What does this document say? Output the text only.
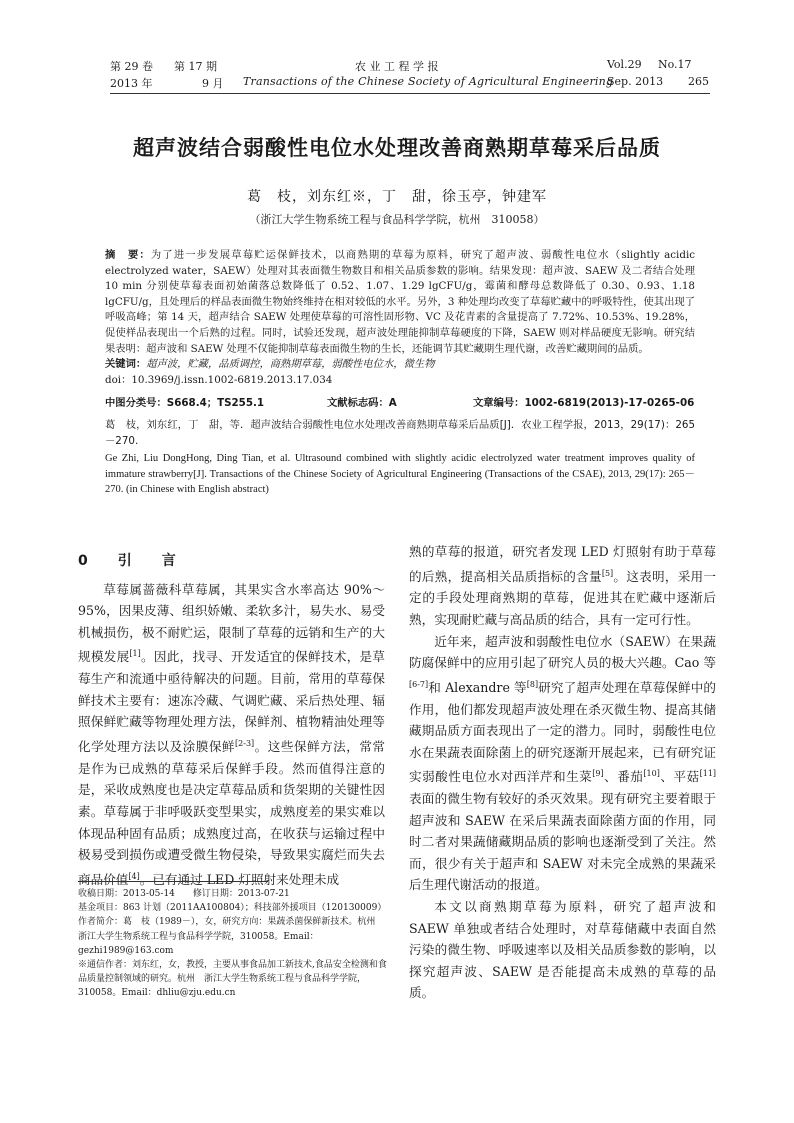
第 29 卷 第 17 期	农 业 工 程 学 报	Vol.29 No.17
2013 年	9 月 Transactions of the Chinese Society of Agricultural Engineering
Sep. 2013 265
超声波结合弱酸性电位水处理改善商熟期草莓采后品质
葛　枝，刘东红※，丁　甜，徐玉亭，钟建军
（浙江大学生物系统工程与食品科学学院，杭州　310058）

摘　要：为了进一步发展草莓贮运保鲜技术，以商熟期的草莓为原料，研究了超声波、弱酸性电位水（slightly acidic electrolyzed water，SAEW）处理对其表面微生物数目和相关品质参数的影响。结果发现：超声波、SAEW 及二者结合处理 10 min 分别使草莓表面初始菌落总数降低了 0.52、1.07、1.29 lgCFU/g，霉菌和酵母总数降低了 0.30、0.93、1.18 lgCFU/g，且处理后的样品表面微生物始终维持在相对较低的水平。另外，3 种处理均改变了草莓贮藏中的呼吸特性，使其出现了呼吸高峰；第 14 天，超声结合 SAEW 处理使草莓的可溶性固形物、VC 及花青素的含量提高了 7.72%、10.53%、19.28%，促使样品表现出一个后熟的过程。同时，试验还发现，超声波处理能抑制草莓硬度的下降，SAEW 则对样品硬度无影响。研究结果表明：超声波和 SAEW 处理不仅能抑制草莓表面微生物的生长，还能调节其贮藏期生理代谢，改善贮藏期间的品质。

关键词：超声波，贮藏，品质调控，商熟期草莓，弱酸性电位水，微生物

doi：10.3969/j.issn.1002-6819.2013.17.034

中图分类号：S668.4；TS255.1	文献标志码：A	文章编号：1002-6819(2013)-17-0265-06

葛　枝，刘东红，丁　甜，等．超声波结合弱酸性电位水处理改善商熟期草莓采后品质[J]．农业工程学报，2013，29(17)：265－270.

Ge Zhi, Liu DongHong, Ding Tian, et al. Ultrasound combined with slightly acidic electrolyzed water treatment improves quality of immature strawberry[J]. Transactions of the Chinese Society of Agricultural Engineering (Transactions of the CSAE), 2013, 29(17): 265－270. (in Chinese with English abstract)

0　引　言

草莓属蔷薇科草莓属，其果实含水率高达 90%～95%，因果皮薄、组织娇嫩、柔软多汁，易失水、易受机械损伤，极不耐贮运，限制了草莓的远销和生产的大规模发展[1]。因此，找寻、开发适宜的保鲜技术，是草莓生产和流通中亟待解决的问题。目前，常用的草莓保鲜技术主要有：速冻冷藏、气调贮藏、采后热处理、辐照保鲜贮藏等物理处理方法，保鲜剂、植物精油处理等化学处理方法以及涂膜保鲜[2-3]。这些保鲜方法，常常是作为已成熟的草莓采后保鲜手段。然而值得注意的是，采收成熟度也是决定草莓品质和货架期的关键性因素。草莓属于非呼吸跃变型果实，成熟度差的果实难以体现品种固有品质；成熟度过高，在收获与运输过程中极易受到损伤或遭受微生物侵染，导致果实腐烂而失去商品价值[4]。已有通过 LED 灯照射来处理未成

熟的草莓的报道，研究者发现 LED 灯照射有助于草莓的后熟，提高相关品质指标的含量[5]。这表明，采用一定的手段处理商熟期的草莓，促进其在贮藏中逐渐后熟，实现耐贮藏与高品质的结合，具有一定可行性。

近年来，超声波和弱酸性电位水（SAEW）在果蔬防腐保鲜中的应用引起了研究人员的极大兴趣。Cao 等[6-7]和 Alexandre 等[8]研究了超声处理在草莓保鲜中的作用，他们都发现超声波处理在杀灭微生物、提高其储藏期品质方面表现出了一定的潜力。同时，弱酸性电位水在果蔬表面除菌上的研究逐渐开展起来，已有研究证实弱酸性电位水对西洋芹和生菜[9]、番茄[10]、平菇[11]表面的微生物有较好的杀灭效果。现有研究主要着眼于超声波和 SAEW 在采后果蔬表面除菌方面的作用，同时二者对果蔬储藏期品质的影响也逐渐受到了关注。然而，很少有关于超声和 SAEW 对未完全成熟的果蔬采后生理代谢活动的报道。

本文以商熟期草莓为原料，研究了超声波和 SAEW 单独或者结合处理时，对草莓储藏中表面自然污染的微生物、呼吸速率以及相关品质参数的影响，以探究超声波、SAEW 是否能提高未成熟的草莓的品质。

收稿日期：2013-05-14　　修订日期：2013-07-21

基金项目：863 计划（2011AA100804）；科技部外援项目（120130009）

作者简介：葛　枝（1989－），女，研究方向：果蔬杀菌保鲜新技术。杭州　浙江大学生物系统工程与食品科学学院，310058。Email：gezhi1989@163.com

※通信作者：刘东红，女，教授，主要从事食品加工新技术,食品安全检测和食品质量控制领域的研究。杭州　浙江大学生物系统工程与食品科学学院，310058。Email：dhliu@zju.edu.cn
